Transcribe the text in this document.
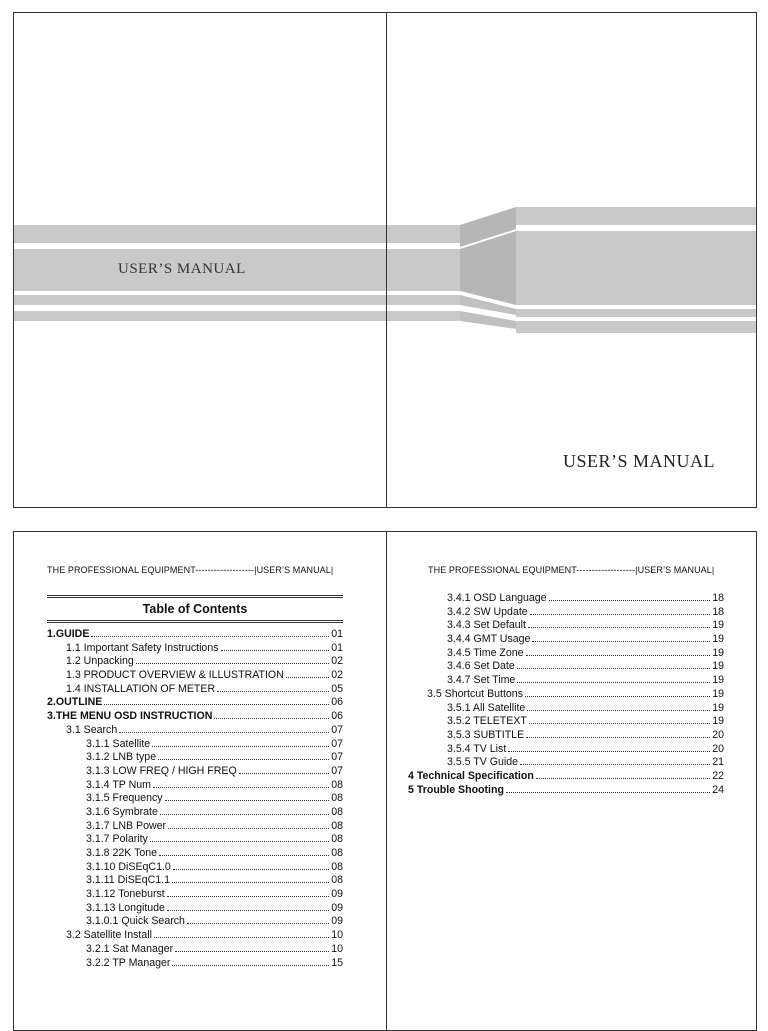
USER’S MANUAL
USER’S MANUAL
THE PROFESSIONAL EQUIPMENT-------------------|USER’S MANUAL|	THE PROFESSIONAL EQUIPMENT-------------------|USER’S MANUAL|
Table of Contents
1.GUIDE	01
1.1 Important Safety Instructions	01
1.2 Unpacking	02
1.3 PRODUCT OVERVIEW & ILLUSTRATION	02
1.4 INSTALLATION OF METER	05
2.OUTLINE	06
3.THE MENU OSD INSTRUCTION	06
3.1 Search	07
3.1.1 Satellite	07
3.1.2 LNB type	07
3.1.3 LOW FREQ / HIGH FREQ	07
3.1.4 TP Num	08
3.1.5 Frequency	08
3.1.6 Symbrate	08
3.1.7 LNB Power	08
3.1.7 Polarity	08
3.1.8 22K Tone	08
3.1.10 DiSEqC1.0	08
3.1.11 DiSEqC1.1	08
3.1.12 Toneburst	09
3.1.13 Longitude	09
3.1.0.1 Quick Search	09
3.2 Satellite Install	10
3.2.1 Sat Manager	10
3.2.2 TP Manager	15
3.4.1 OSD Language	18
3.4.2 SW Update	18
3.4.3 Set Default	19
3.4.4 GMT Usage	19
3.4.5 Time Zone	19
3.4.6 Set Date	19
3.4.7 Set Time	19
3.5 Shortcut Buttons	19
3.5.1 All Satellite	19
3.5.2 TELETEXT	19
3.5.3 SUBTITLE	20
3.5.4 TV List	20
3.5.5 TV Guide	21
4 Technical Specification	22
5 Trouble Shooting	24
